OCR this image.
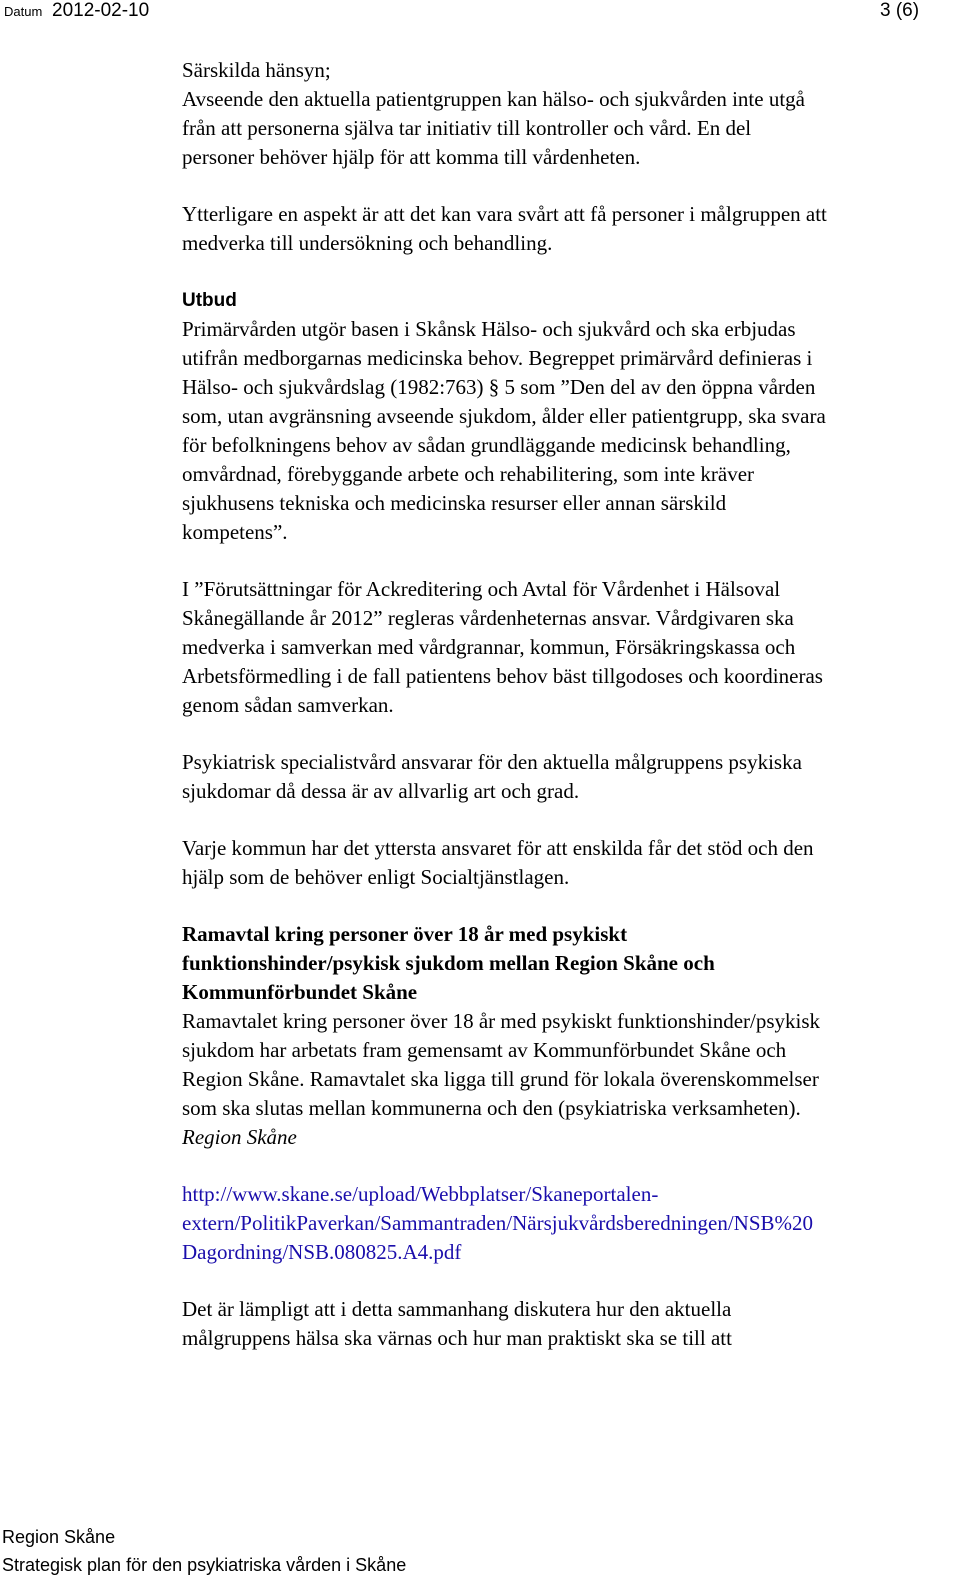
Datum 2012-02-10	3 (6)

Särskilda hänsyn;
Avseende den aktuella patientgruppen kan hälso- och sjukvården inte utgå
från att personerna själva tar initiativ till kontroller och vård. En del
personer behöver hjälp för att komma till vårdenheten.

Ytterligare en aspekt är att det kan vara svårt att få personer i målgruppen att
medverka till undersökning och behandling.

Utbud

Primärvården utgör basen i Skånsk Hälso- och sjukvård och ska erbjudas
utifrån medborgarnas medicinska behov. Begreppet primärvård definieras i
Hälso- och sjukvårdslag (1982:763) § 5 som ”Den del av den öppna vården
som, utan avgränsning avseende sjukdom, ålder eller patientgrupp, ska svara
för befolkningens behov av sådan grundläggande medicinsk behandling,
omvårdnad, förebyggande arbete och rehabilitering, som inte kräver
sjukhusens tekniska och medicinska resurser eller annan särskild
kompetens”.

I ”Förutsättningar för Ackreditering och Avtal för Vårdenhet i Hälsoval
Skånegällande år 2012” regleras vårdenheternas ansvar. Vårdgivaren ska
medverka i samverkan med vårdgrannar, kommun, Försäkringskassa och
Arbetsförmedling i de fall patientens behov bäst tillgodoses och koordineras
genom sådan samverkan.

Psykiatrisk specialistvård ansvarar för den aktuella målgruppens psykiska
sjukdomar då dessa är av allvarlig art och grad.

Varje kommun har det yttersta ansvaret för att enskilda får det stöd och den
hjälp som de behöver enligt Socialtjänstlagen.

Ramavtal kring personer över 18 år med psykiskt
funktionshinder/psykisk sjukdom mellan Region Skåne och
Kommunförbundet Skåne

Ramavtalet kring personer över 18 år med psykiskt funktionshinder/psykisk
sjukdom har arbetats fram gemensamt av Kommunförbundet Skåne och
Region Skåne. Ramavtalet ska ligga till grund för lokala överenskommelser
som ska slutas mellan kommunerna och den (psykiatriska verksamheten).

Region Skåne

http://www.skane.se/upload/Webbplatser/Skaneportalen-
extern/PolitikPaverkan/Sammantraden/Närsjukvårdsberedningen/NSB%20
Dagordning/NSB.080825.A4.pdf

Det är lämpligt att i detta sammanhang diskutera hur den aktuella
målgruppens hälsa ska värnas och hur man praktiskt ska se till att

Region Skåne
Strategisk plan för den psykiatriska vården i Skåne
